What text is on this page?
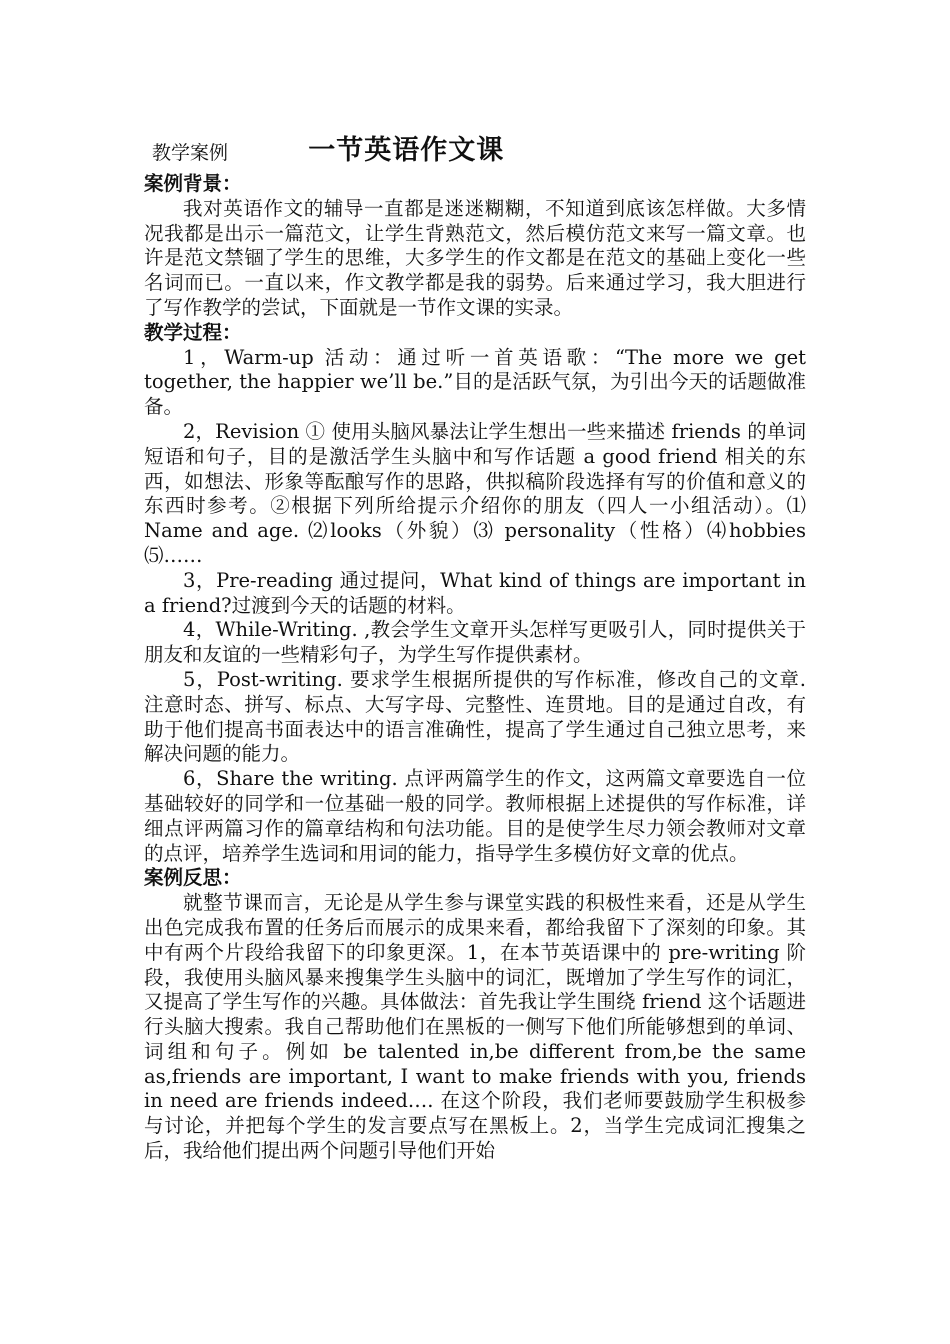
教学案例	一节英语作文课
案例背景：

我对英语作文的辅导一直都是迷迷糊糊，不知道到底该怎样做。大多情况我都是出示一篇范文，让学生背熟范文，然后模仿范文来写一篇文章。也许是范文禁锢了学生的思维，大多学生的作文都是在范文的基础上变化一些名词而已。一直以来，作文教学都是我的弱势。后来通过学习，我大胆进行了写作教学的尝试，下面就是一节作文课的实录。

教学过程：

1，Warm-up 活动：通过听一首英语歌：“The more we get together, the happier we’ll be.”目的是活跃气氛，为引出今天的话题做准备。

2，Revision ① 使用头脑风暴法让学生想出一些来描述 friends 的单词短语和句子，目的是激活学生头脑中和写作话题 a good friend 相关的东西，如想法、形象等酝酿写作的思路，供拟稿阶段选择有写的价值和意义的东西时参考。②根据下列所给提示介绍你的朋友（四人一小组活动）。⑴ Name and age. ⑵looks（外貌）⑶ personality（性格）⑷hobbies ⑸……

3，Pre-reading 通过提问，What kind of things are important in a friend?过渡到今天的话题的材料。

4，While-Writing. ,教会学生文章开头怎样写更吸引人，同时提供关于朋友和友谊的一些精彩句子，为学生写作提供素材。

5，Post-writing. 要求学生根据所提供的写作标准，修改自己的文章. 注意时态、拼写、标点、大写字母、完整性、连贯地。目的是通过自改，有助于他们提高书面表达中的语言准确性，提高了学生通过自己独立思考，来解决问题的能力。

6，Share the writing. 点评两篇学生的作文，这两篇文章要选自一位基础较好的同学和一位基础一般的同学。教师根据上述提供的写作标准，详细点评两篇习作的篇章结构和句法功能。目的是使学生尽力领会教师对文章的点评，培养学生选词和用词的能力，指导学生多模仿好文章的优点。

案例反思：

就整节课而言，无论是从学生参与课堂实践的积极性来看，还是从学生出色完成我布置的任务后而展示的成果来看，都给我留下了深刻的印象。其中有两个片段给我留下的印象更深。1，在本节英语课中的 pre-writing 阶段，我使用头脑风暴来搜集学生头脑中的词汇，既增加了学生写作的词汇，又提高了学生写作的兴趣。具体做法：首先我让学生围绕 friend 这个话题进行头脑大搜索。我自己帮助他们在黑板的一侧写下他们所能够想到的单词、词组和句子。例如 be talented in,be different from,be the same as,friends are important, I want to make friends with you, friends in need are friends indeed…. 在这个阶段，我们老师要鼓励学生积极参与讨论，并把每个学生的发言要点写在黑板上。2，当学生完成词汇搜集之后，我给他们提出两个问题引导他们开始
